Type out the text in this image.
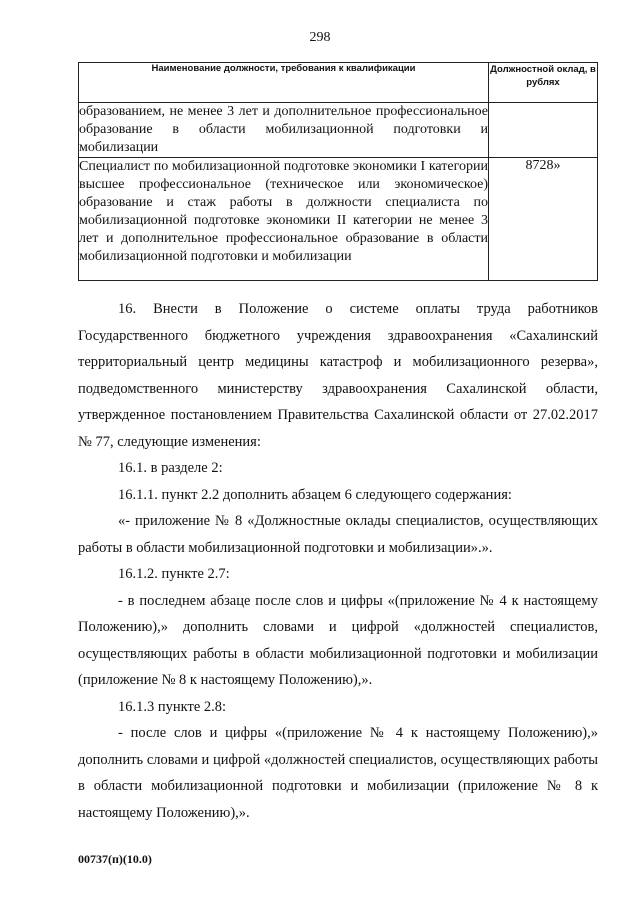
298
Наименование должности, требования к квалификации	Должностной оклад, в рублях
образованием, не менее 3 лет и дополнительное профессиональное образование в области мобилизационной подготовки и мобилизации	
Специалист по мобилизационной подготовке экономики I категории высшее профессиональное (техническое или экономическое) образование и стаж работы в должности специалиста по мобилизационной подготовке экономики II категории не менее 3 лет и дополнительное профессиональное образование в области мобилизационной подготовки и мобилизации	8728»

16. Внести в Положение о системе оплаты труда работников Государственного бюджетного учреждения здравоохранения «Сахалинский территориальный центр медицины катастроф и мобилизационного резерва», подведомственного министерству здравоохранения Сахалинской области, утвержденное постановлением Правительства Сахалинской области от 27.02.2017 № 77, следующие изменения:

16.1. в разделе 2:

16.1.1. пункт 2.2 дополнить абзацем 6 следующего содержания:

«- приложение № 8 «Должностные оклады специалистов, осуществляющих работы в области мобилизационной подготовки и мобилизации».».

16.1.2. пункте 2.7:

- в последнем абзаце после слов и цифры «(приложение № 4 к настоящему Положению),» дополнить словами и цифрой «должностей специалистов, осуществляющих работы в области мобилизационной подготовки и мобилизации (приложение № 8 к настоящему Положению),».

16.1.3 пункте 2.8:

- после слов и цифры «(приложение № 4 к настоящему Положению),» дополнить словами и цифрой «должностей специалистов, осуществляющих работы в области мобилизационной подготовки и мобилизации (приложение № 8 к настоящему Положению),».

00737(п)(10.0)
